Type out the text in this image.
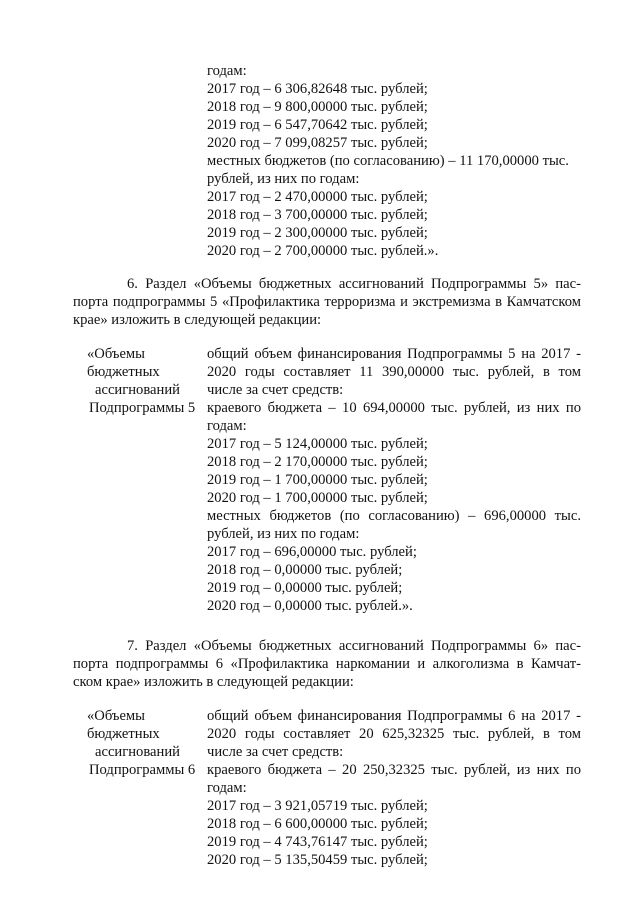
годам:
2017 год – 6 306,82648 тыс. рублей;
2018 год – 9 800,00000 тыс. рублей;
2019 год – 6 547,70642 тыс. рублей;
2020 год – 7 099,08257 тыс. рублей;
местных бюджетов (по согласованию) – 11 170,00000 тыс.
рублей, из них по годам:
2017 год – 2 470,00000 тыс. рублей;
2018 год – 3 700,00000 тыс. рублей;
2019 год – 2 300,00000 тыс. рублей;
2020 год – 2 700,00000 тыс. рублей.».
6. Раздел «Объемы бюджетных ассигнований Подпрограммы 5» пас-
порта подпрограммы 5 «Профилактика терроризма и экстремизма в Камчатском
крае» изложить в следующей редакции:
«Объемы
бюджетных
ассигнований
Подпрограммы 5
общий объем финансирования Подпрограммы 5 на 2017 -
2020 годы составляет 11 390,00000 тыс. рублей, в том
числе за счет средств:
краевого бюджета – 10 694,00000 тыс. рублей, из них по
годам:
2017 год – 5 124,00000 тыс. рублей;
2018 год – 2 170,00000 тыс. рублей;
2019 год – 1 700,00000 тыс. рублей;
2020 год – 1 700,00000 тыс. рублей;
местных бюджетов (по согласованию) – 696,00000 тыс.
рублей, из них по годам:
2017 год – 696,00000 тыс. рублей;
2018 год – 0,00000 тыс. рублей;
2019 год – 0,00000 тыс. рублей;
2020 год – 0,00000 тыс. рублей.».
7. Раздел «Объемы бюджетных ассигнований Подпрограммы 6» пас-
порта подпрограммы 6 «Профилактика наркомании и алкоголизма в Камчат-
ском крае» изложить в следующей редакции:
«Объемы
бюджетных
ассигнований
Подпрограммы 6
общий объем финансирования Подпрограммы 6 на 2017 -
2020 годы составляет 20 625,32325 тыс. рублей, в том
числе за счет средств:
краевого бюджета – 20 250,32325 тыс. рублей, из них по
годам:
2017 год – 3 921,05719 тыс. рублей;
2018 год – 6 600,00000 тыс. рублей;
2019 год – 4 743,76147 тыс. рублей;
2020 год – 5 135,50459 тыс. рублей;
